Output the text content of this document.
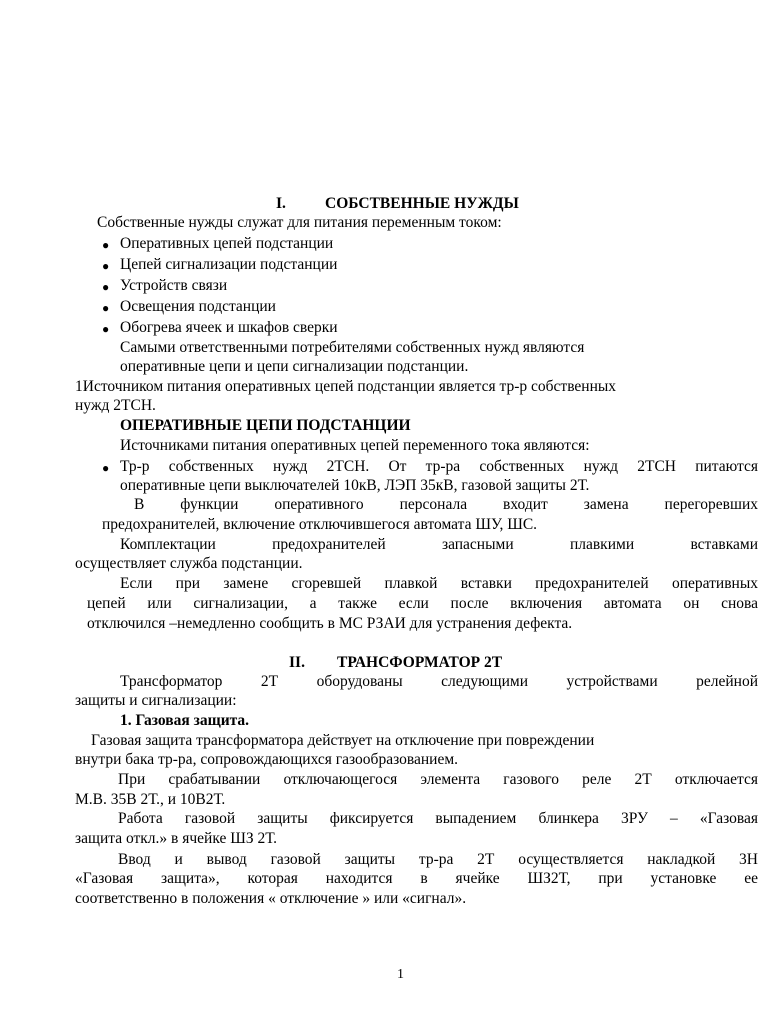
I.	СОБСТВЕННЫЕ НУЖДЫ
Собственные нужды служат для питания переменным током:
● Оперативных цепей подстанции
● Цепей сигнализации подстанции
● Устройств связи
● Освещения подстанции
● Обогрева ячеек и шкафов сверки
Самыми ответственными потребителями собственных нужд являются
оперативные цепи и цепи сигнализации подстанции.
1Источником питания оперативных цепей подстанции является тр-р собственных
нужд 2ТСН.
ОПЕРАТИВНЫЕ ЦЕПИ ПОДСТАНЦИИ
Источниками питания оперативных цепей переменного тока являются:
● Тр-р собственных нужд 2ТСН. От тр-ра собственных нужд 2ТСН питаются
оперативные цепи выключателей 10кВ, ЛЭП 35кВ, газовой защиты 2Т.
В функции оперативного персонала входит замена перегоревших
предохранителей, включение отключившегося автомата ШУ, ШС.
Комплектации предохранителей запасными плавкими вставками
осуществляет служба подстанции.
Если при замене сгоревшей плавкой вставки предохранителей оперативных
цепей или сигнализации, а также если после включения автомата он снова
отключился –немедленно сообщить в МС РЗАИ для устранения дефекта.
II. ТРАНСФОРМАТОР 2Т
Трансформатор 2Т оборудованы следующими устройствами релейной
защиты и сигнализации:
1. Газовая защита.
Газовая защита трансформатора действует на отключение при повреждении
внутри бака тр-ра, сопровождающихся газообразованием.
При срабатывании отключающегося элемента газового реле 2Т отключается
М.В. 35В 2Т., и 10В2Т.
Работа газовой защиты фиксируется выпадением блинкера 3РУ – «Газовая
защита откл.» в ячейке ШЗ 2Т.
Ввод и вывод газовой защиты тр-ра 2Т осуществляется накладкой 3Н
«Газовая защита», которая находится в ячейке ШЗ2Т, при установке ее
соответственно в положения « отключение » или «сигнал».
1
